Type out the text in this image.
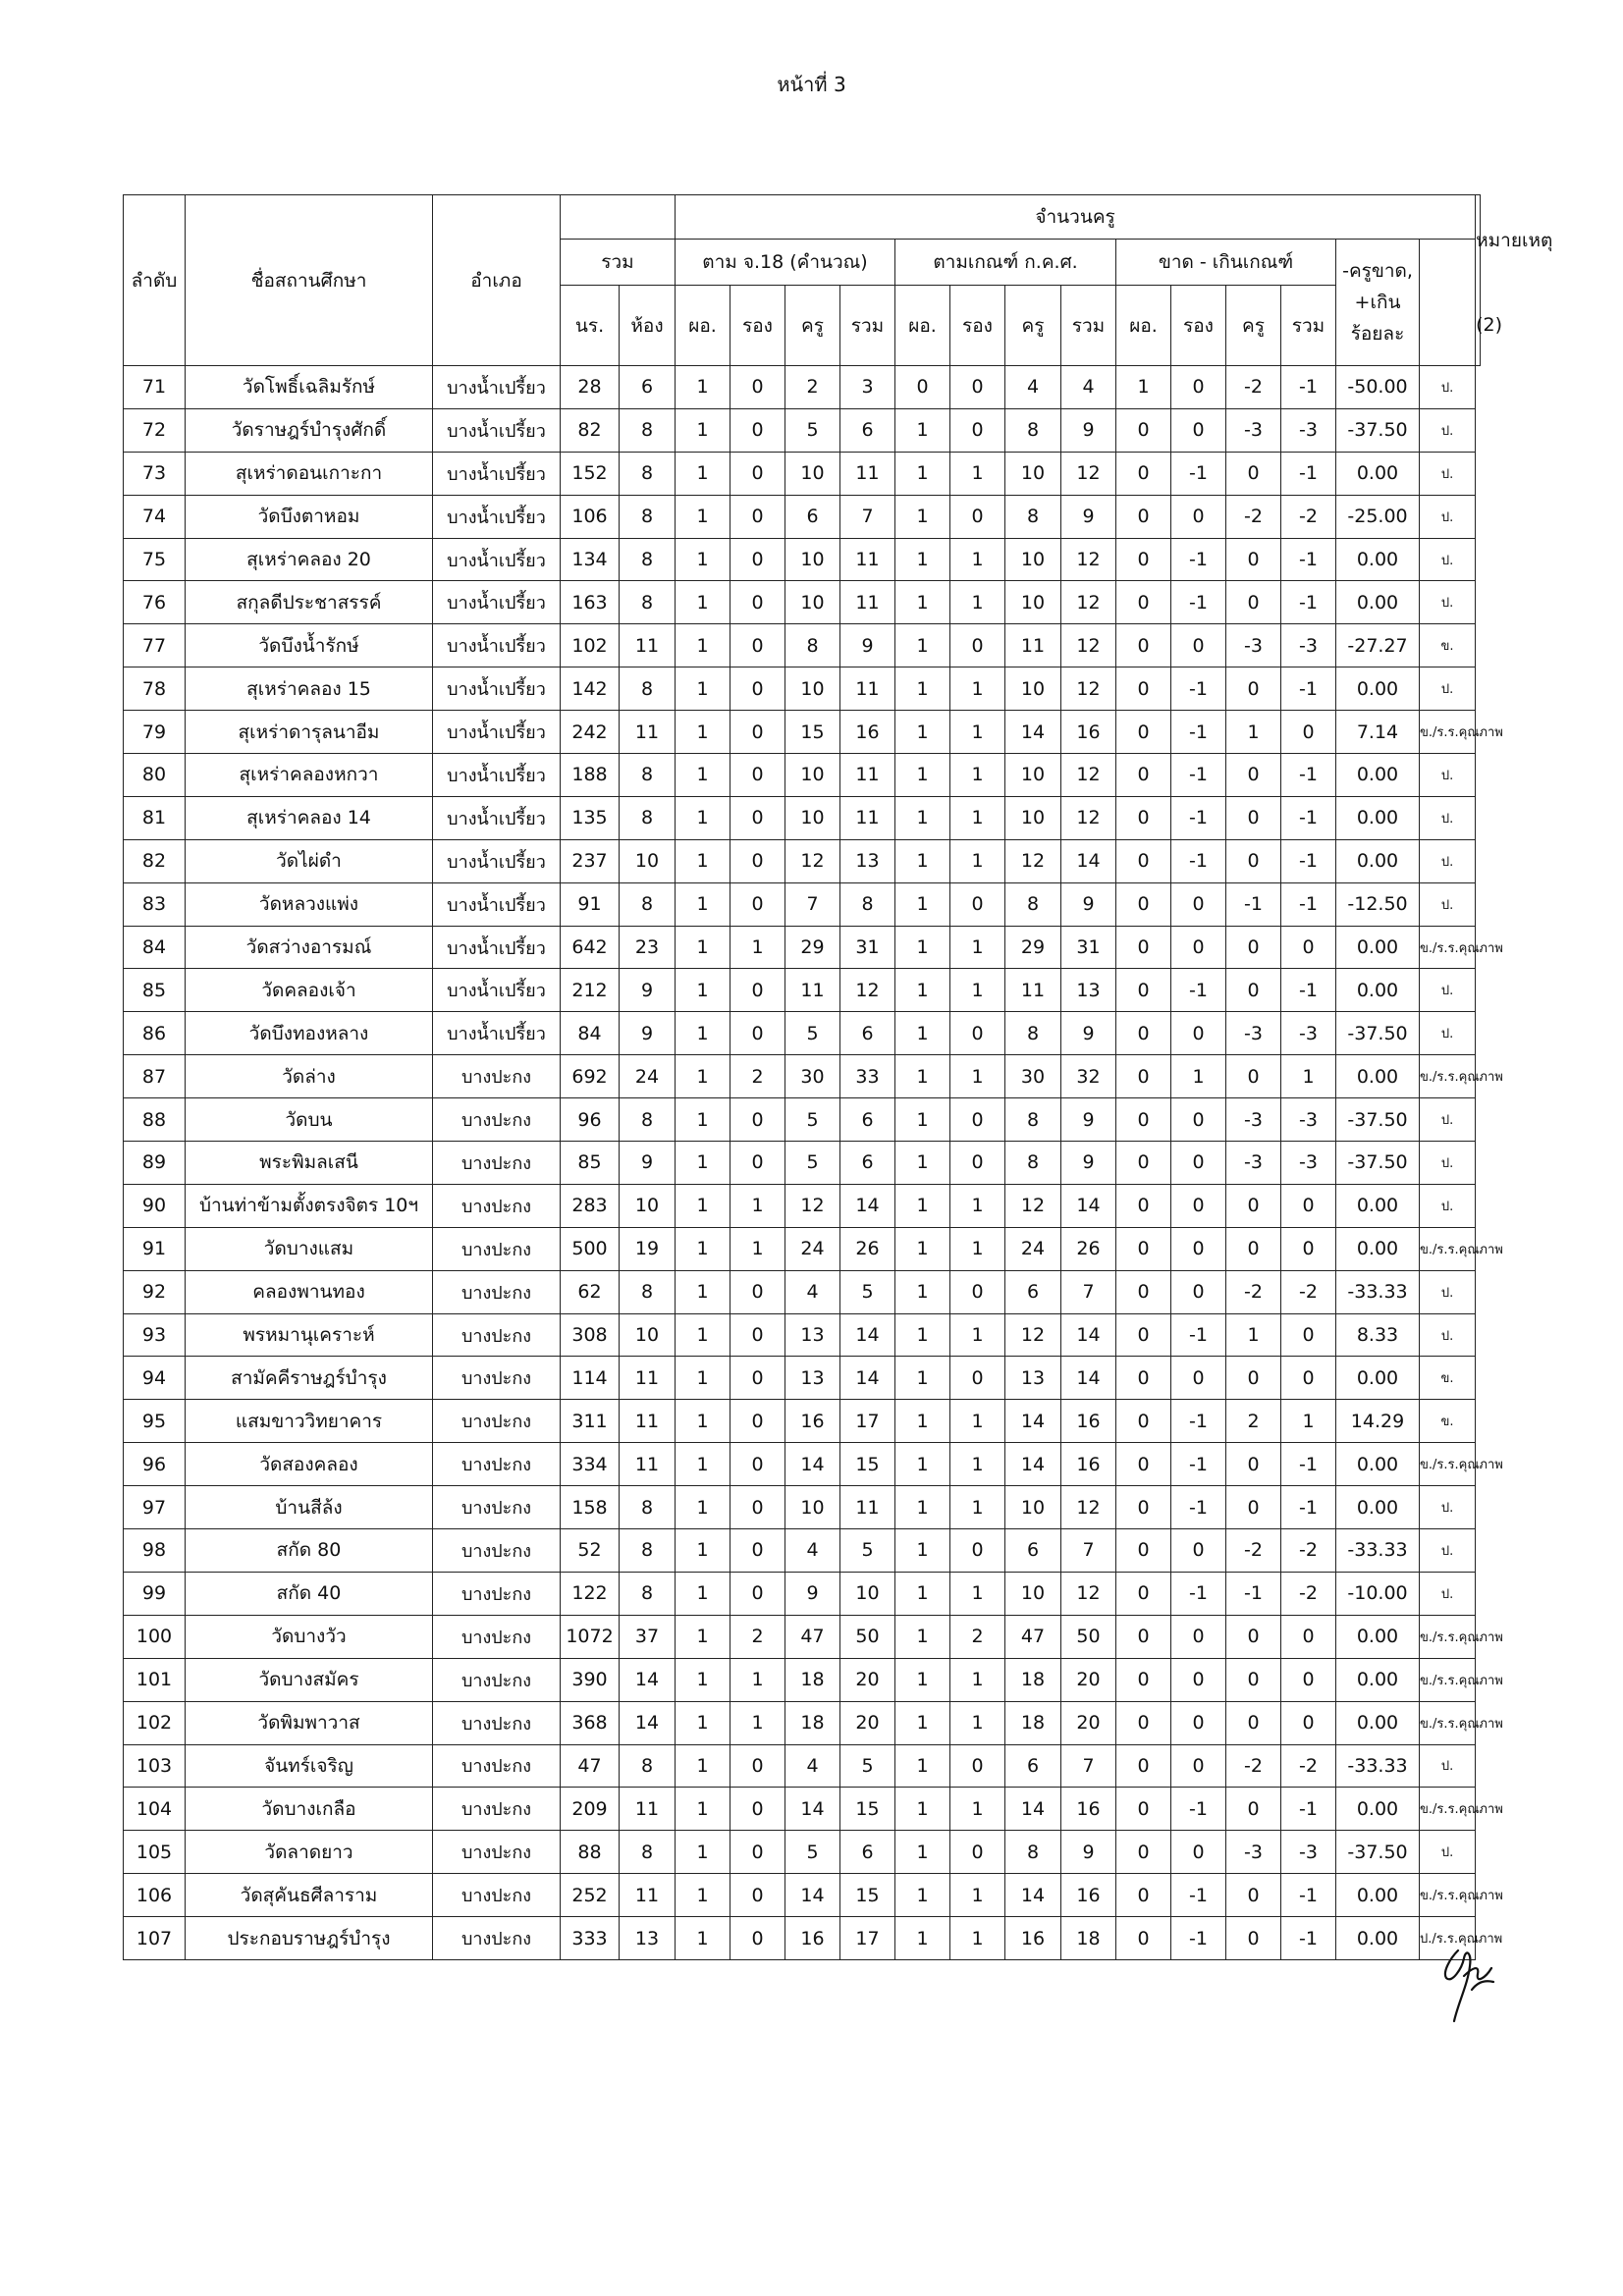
หน้าที่ 3
ลำดับ	ชื่อสถานศึกษา	อำเภอ			จำนวนครู														หมายเหตุ
(2)

			รวม		ตาม จ.18 (คำนวณ)				ตามเกณฑ์ ก.ค.ศ.				ขาด - เกินเกณฑ์				-ครูขาด,
+เกิน
ร้อยละ		
			นร.	ห้อง	ผอ.	รอง	ครู	รวม	ผอ.	รอง	ครู	รวม	ผอ.	รอง	ครู	รวม			
71	วัดโพธิ์เฉลิมรักษ์	บางน้ำเปรี้ยว	28	6	1	0	2	3	0	0	4	4	1	0	-2	-1	-50.00	ป.	
72	วัดราษฎร์บำรุงศักดิ์	บางน้ำเปรี้ยว	82	8	1	0	5	6	1	0	8	9	0	0	-3	-3	-37.50	ป.	
73	สุเหร่าดอนเกาะกา	บางน้ำเปรี้ยว	152	8	1	0	10	11	1	1	10	12	0	-1	0	-1	0.00	ป.	
74	วัดบึงตาหอม	บางน้ำเปรี้ยว	106	8	1	0	6	7	1	0	8	9	0	0	-2	-2	-25.00	ป.	
75	สุเหร่าคลอง 20	บางน้ำเปรี้ยว	134	8	1	0	10	11	1	1	10	12	0	-1	0	-1	0.00	ป.	
76	สกุลดีประชาสรรค์	บางน้ำเปรี้ยว	163	8	1	0	10	11	1	1	10	12	0	-1	0	-1	0.00	ป.	
77	วัดบึงน้ำรักษ์	บางน้ำเปรี้ยว	102	11	1	0	8	9	1	0	11	12	0	0	-3	-3	-27.27	ข.	
78	สุเหร่าคลอง 15	บางน้ำเปรี้ยว	142	8	1	0	10	11	1	1	10	12	0	-1	0	-1	0.00	ป.	
79	สุเหร่าดารุลนาอีม	บางน้ำเปรี้ยว	242	11	1	0	15	16	1	1	14	16	0	-1	1	0	7.14	ข./ร.ร.คุณภาพ	
80	สุเหร่าคลองหกวา	บางน้ำเปรี้ยว	188	8	1	0	10	11	1	1	10	12	0	-1	0	-1	0.00	ป.	
81	สุเหร่าคลอง 14	บางน้ำเปรี้ยว	135	8	1	0	10	11	1	1	10	12	0	-1	0	-1	0.00	ป.	
82	วัดไผ่ดำ	บางน้ำเปรี้ยว	237	10	1	0	12	13	1	1	12	14	0	-1	0	-1	0.00	ป.	
83	วัดหลวงแพ่ง	บางน้ำเปรี้ยว	91	8	1	0	7	8	1	0	8	9	0	0	-1	-1	-12.50	ป.	
84	วัดสว่างอารมณ์	บางน้ำเปรี้ยว	642	23	1	1	29	31	1	1	29	31	0	0	0	0	0.00	ข./ร.ร.คุณภาพ	
85	วัดคลองเจ้า	บางน้ำเปรี้ยว	212	9	1	0	11	12	1	1	11	13	0	-1	0	-1	0.00	ป.	
86	วัดบึงทองหลาง	บางน้ำเปรี้ยว	84	9	1	0	5	6	1	0	8	9	0	0	-3	-3	-37.50	ป.	
87	วัดล่าง	บางปะกง	692	24	1	2	30	33	1	1	30	32	0	1	0	1	0.00	ข./ร.ร.คุณภาพ	
88	วัดบน	บางปะกง	96	8	1	0	5	6	1	0	8	9	0	0	-3	-3	-37.50	ป.	
89	พระพิมลเสนี	บางปะกง	85	9	1	0	5	6	1	0	8	9	0	0	-3	-3	-37.50	ป.	
90	บ้านท่าข้ามตั้งตรงจิตร 10ฯ	บางปะกง	283	10	1	1	12	14	1	1	12	14	0	0	0	0	0.00	ป.	
91	วัดบางแสม	บางปะกง	500	19	1	1	24	26	1	1	24	26	0	0	0	0	0.00	ข./ร.ร.คุณภาพ	
92	คลองพานทอง	บางปะกง	62	8	1	0	4	5	1	0	6	7	0	0	-2	-2	-33.33	ป.	
93	พรหมานุเคราะห์	บางปะกง	308	10	1	0	13	14	1	1	12	14	0	-1	1	0	8.33	ป.	
94	สามัคคีราษฎร์บำรุง	บางปะกง	114	11	1	0	13	14	1	0	13	14	0	0	0	0	0.00	ข.	
95	แสมขาววิทยาคาร	บางปะกง	311	11	1	0	16	17	1	1	14	16	0	-1	2	1	14.29	ข.	
96	วัดสองคลอง	บางปะกง	334	11	1	0	14	15	1	1	14	16	0	-1	0	-1	0.00	ข./ร.ร.คุณภาพ	
97	บ้านสีล้ง	บางปะกง	158	8	1	0	10	11	1	1	10	12	0	-1	0	-1	0.00	ป.	
98	สกัด 80	บางปะกง	52	8	1	0	4	5	1	0	6	7	0	0	-2	-2	-33.33	ป.	
99	สกัด 40	บางปะกง	122	8	1	0	9	10	1	1	10	12	0	-1	-1	-2	-10.00	ป.	
100	วัดบางวัว	บางปะกง	1072	37	1	2	47	50	1	2	47	50	0	0	0	0	0.00	ข./ร.ร.คุณภาพ	
101	วัดบางสมัคร	บางปะกง	390	14	1	1	18	20	1	1	18	20	0	0	0	0	0.00	ข./ร.ร.คุณภาพ	
102	วัดพิมพาวาส	บางปะกง	368	14	1	1	18	20	1	1	18	20	0	0	0	0	0.00	ข./ร.ร.คุณภาพ	
103	จันทร์เจริญ	บางปะกง	47	8	1	0	4	5	1	0	6	7	0	0	-2	-2	-33.33	ป.	
104	วัดบางเกลือ	บางปะกง	209	11	1	0	14	15	1	1	14	16	0	-1	0	-1	0.00	ข./ร.ร.คุณภาพ	
105	วัดลาดยาว	บางปะกง	88	8	1	0	5	6	1	0	8	9	0	0	-3	-3	-37.50	ป.	
106	วัดสุคันธศีลาราม	บางปะกง	252	11	1	0	14	15	1	1	14	16	0	-1	0	-1	0.00	ข./ร.ร.คุณภาพ	
107	ประกอบราษฎร์บำรุง	บางปะกง	333	13	1	0	16	17	1	1	16	18	0	-1	0	-1	0.00	ป./ร.ร.คุณภาพ	
